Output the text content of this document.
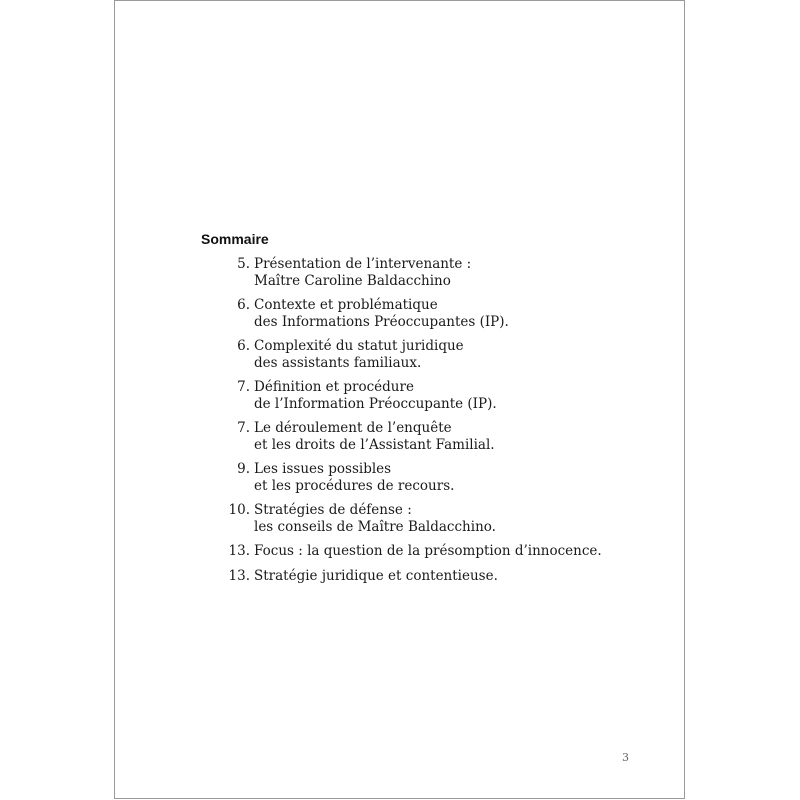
Sommaire
5. Présentation de l’intervenante :
Maître Caroline Baldacchino
6. Contexte et problématique
des Informations Préoccupantes (IP).
6. Complexité du statut juridique
des assistants familiaux.
7. Définition et procédure
de l’Information Préoccupante (IP).
7. Le déroulement de l’enquête
et les droits de l’Assistant Familial.
9. Les issues possibles
et les procédures de recours.
10. Stratégies de défense :
les conseils de Maître Baldacchino.
13. Focus : la question de la présomption d’innocence.
13. Stratégie juridique et contentieuse.
3
